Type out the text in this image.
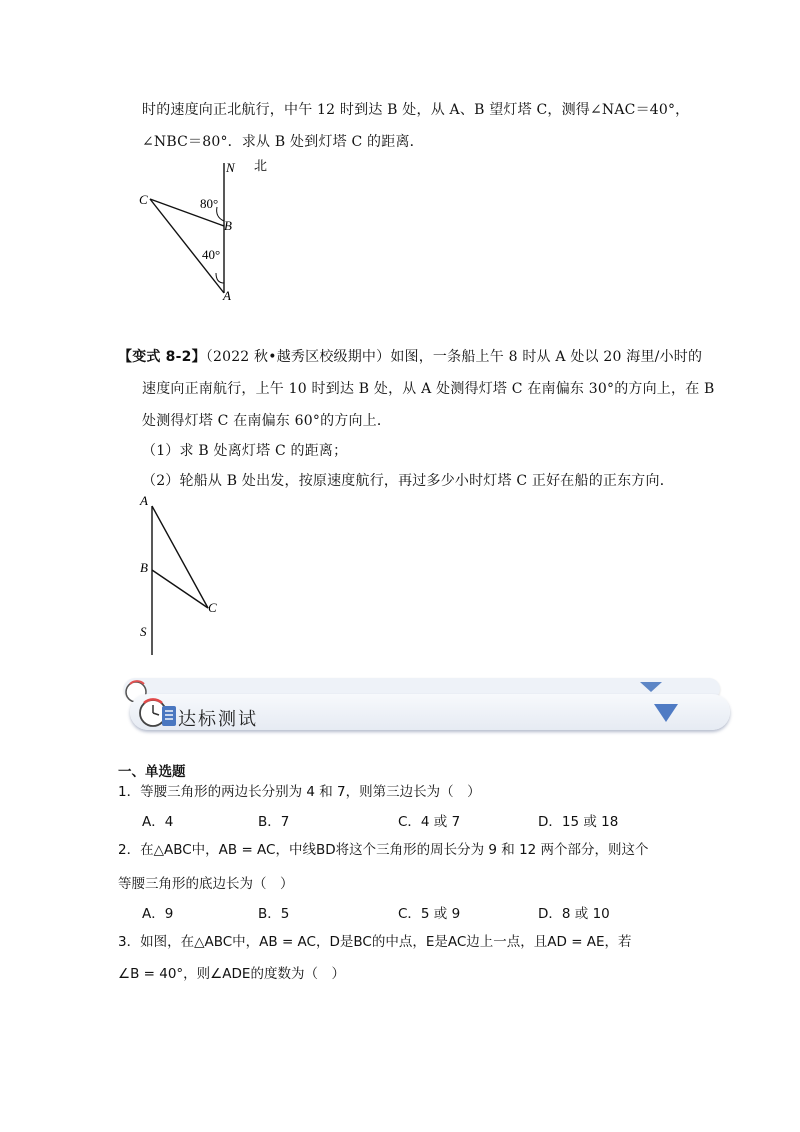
时的速度向正北航行，中午 12 时到达 B 处，从 A、B 望灯塔 C，测得∠NAC＝40°，
∠NBC＝80°．求从 B 处到灯塔 C 的距离．
N 北
C	80°
B
40°
A
【变式 8-2】（2022 秋•越秀区校级期中）如图，一条船上午 8 时从 A 处以 20 海里/小时的
速度向正南航行，上午 10 时到达 B 处，从 A 处测得灯塔 C 在南偏东 30°的方向上，在 B
处测得灯塔 C 在南偏东 60°的方向上．
（1）求 B 处离灯塔 C 的距离；
（2）轮船从 B 处出发，按原速度航行，再过多少小时灯塔 C 正好在船的正东方向．
A
B
C
S
达标测试
一、单选题
1．等腰三角形的两边长分别为 4 和 7，则第三边长为（　）
A．4	B．7	C．4 或 7	D．15 或 18
2．在△ABC中，AB = AC，中线BD将这个三角形的周长分为 9 和 12 两个部分，则这个
等腰三角形的底边长为（　）
A．9	B．5	C．5 或 9	D．8 或 10
3．如图，在△ABC中，AB = AC，D是BC的中点，E是AC边上一点，且AD = AE，若
∠B = 40°，则∠ADE的度数为（　）
